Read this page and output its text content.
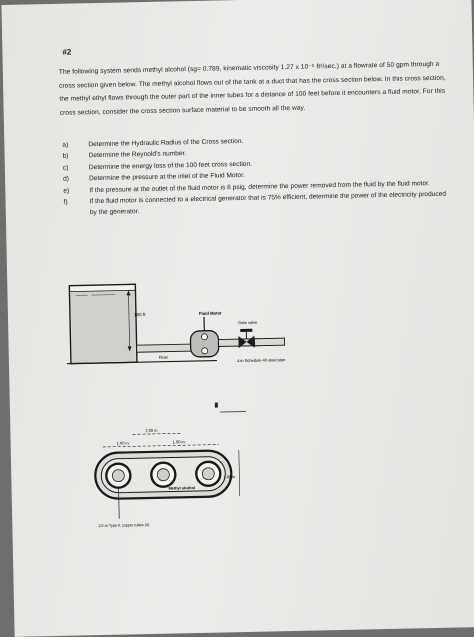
#2
The following system sends methyl alcohol (sg= 0.789, kinematic viscosity 1.27 x 10⁻⁵ ft²/sec.) at a flowrate of 50 gpm through a cross section given below. The methyl alcohol flows out of the tank at a duct that has the cross section below. In this cross section, the methyl ethyl flows through the outer part of the inner tubes for a distance of 100 feet before it encounters a fluid motor. For this cross section, consider the cross section surface material to be smooth all the way.
a)	Determine the Hydraulic Radius of the Cross section.
b)	Determine the Reynold's number.
c)	Determine the energy loss of the 100 feet cross section.
d)	Determine the pressure at the inlet of the Fluid Motor.
e)	If the pressure at the outlet of the fluid motor is 8 psig, determine the power removed from the fluid by the fluid motor.
f)	If the fluid motor is connected to a electrical generator that is 75% efficient, determine the power of the electricity produced by the generator.
165 ft
Flow
Fluid Motor
Gate valve
4-in Schedule 40 steel pipe
2.00 in
1.00 in	1.00 in
1.00 in
Methyl alcohol
1/2-in Type K copper tubes (3)
